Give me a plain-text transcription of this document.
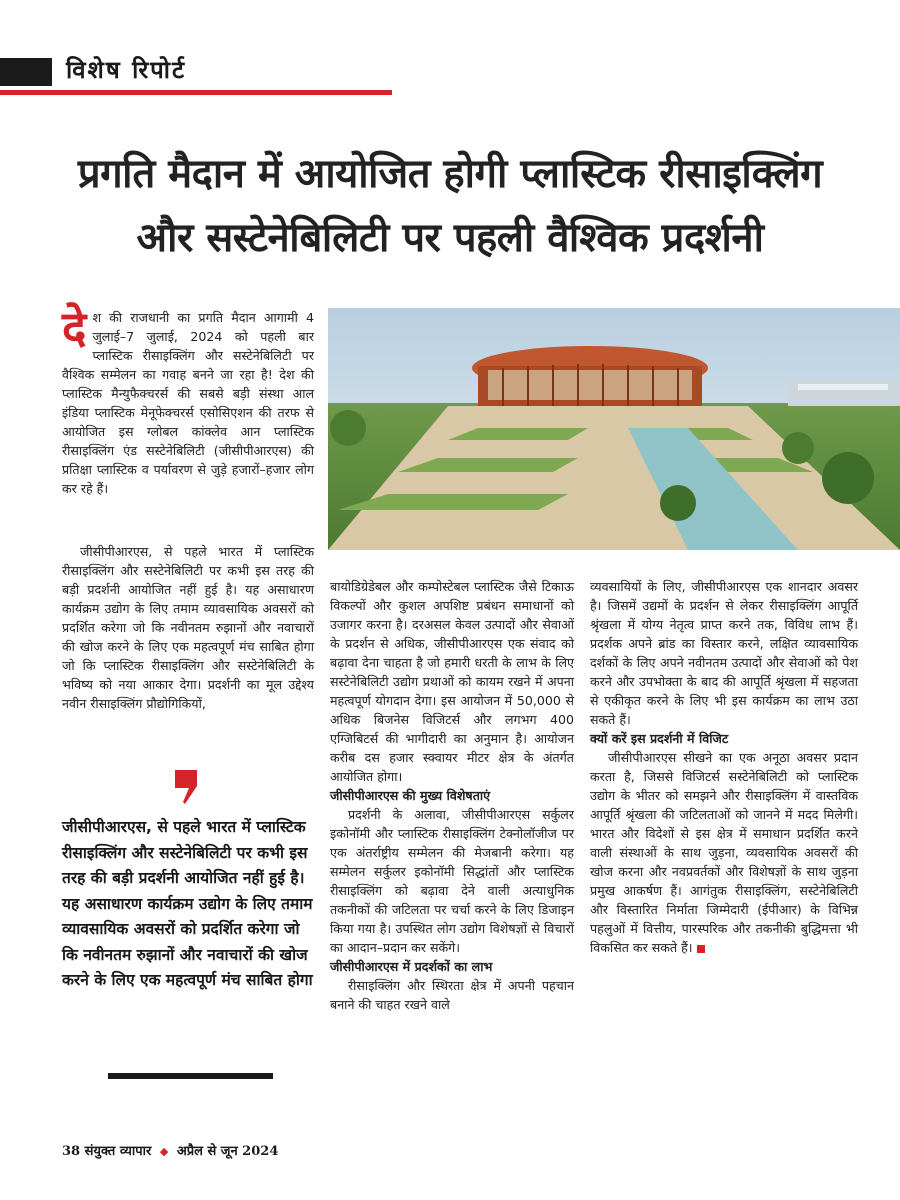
विशेष रिपोर्ट
प्रगति मैदान में आयोजित होगी प्लास्टिक रीसाइक्लिंग
और सस्टेनेबिलिटी पर पहली वैश्विक प्रदर्शनी

देश की राजधानी का प्रगति मैदान आगामी 4 जुलाई–7 जुलाई, 2024 को पहली बार प्लास्टिक रीसाइक्लिंग और सस्टेनेबिलिटी पर वैश्विक सम्मेलन का गवाह बनने जा रहा है! देश की प्लास्टिक मैन्युफैक्चरर्स की सबसे बड़ी संस्था आल इंडिया प्लास्टिक मेनूफेक्चरर्स एसोसिएशन की तरफ से आयोजित इस ग्लोबल कांक्लेव आन प्लास्टिक रीसाइक्लिंग एंड सस्टेनेबिलिटी (जीसीपीआरएस) की प्रतिक्षा प्लास्टिक व पर्यावरण से जुड़े हजारों–हजार लोग कर रहे हैं।

जीसीपीआरएस, से पहले भारत में प्लास्टिक रीसाइक्लिंग और सस्टेनेबिलिटी पर कभी इस तरह की बड़ी प्रदर्शनी आयोजित नहीं हुई है। यह असाधारण कार्यक्रम उद्योग के लिए तमाम व्यावसायिक अवसरों को प्रदर्शित करेगा जो कि नवीनतम रुझानों और नवाचारों की खोज करने के लिए एक महत्वपूर्ण मंच साबित होगा जो कि प्लास्टिक रीसाइक्लिंग और सस्टेनेबिलिटी के भविष्य को नया आकार देगा। प्रदर्शनी का मूल उद्देश्य नवीन रीसाइक्लिंग प्रौद्योगिकियों,

जीसीपीआरएस, से पहले भारत में प्लास्टिक रीसाइक्लिंग और सस्टेनेबिलिटी पर कभी इस तरह की बड़ी प्रदर्शनी आयोजित नहीं हुई है। यह असाधारण कार्यक्रम उद्योग के लिए तमाम व्यावसायिक अवसरों को प्रदर्शित करेगा जो कि नवीनतम रुझानों और नवाचारों की खोज करने के लिए एक महत्वपूर्ण मंच साबित होगा

बायोडिग्रेडेबल और कम्पोस्टेबल प्लास्टिक जैसे टिकाऊ विकल्पों और कुशल अपशिष्ट प्रबंधन समाधानों को उजागर करना है। दरअसल केवल उत्पादों और सेवाओं के प्रदर्शन से अधिक, जीसीपीआरएस एक संवाद को बढ़ावा देना चाहता है जो हमारी धरती के लाभ के लिए सस्टेनेबिलिटी उद्योग प्रथाओं को कायम रखने में अपना महत्वपूर्ण योगदान देगा। इस आयोजन में 50,000 से अधिक बिजनेस विजिटर्स और लगभग 400 एग्जिबिटर्स की भागीदारी का अनुमान है। आयोजन करीब दस हजार स्क्वायर मीटर क्षेत्र के अंतर्गत आयोजित होगा।

जीसीपीआरएस की मुख्य विशेषताएं

प्रदर्शनी के अलावा, जीसीपीआरएस सर्कुलर इकोनॉमी और प्लास्टिक रीसाइक्लिंग टेक्नोलॉजीज पर एक अंतर्राष्ट्रीय सम्मेलन की मेजबानी करेगा। यह सम्मेलन सर्कुलर इकोनॉमी सिद्धांतों और प्लास्टिक रीसाइक्लिंग को बढ़ावा देने वाली अत्याधुनिक तकनीकों की जटिलता पर चर्चा करने के लिए डिजाइन किया गया है। उपस्थित लोग उद्योग विशेषज्ञों से विचारों का आदान–प्रदान कर सकेंगे।

जीसीपीआरएस में प्रदर्शकों का लाभ

रीसाइक्लिंग और स्थिरता क्षेत्र में अपनी पहचान बनाने की चाहत रखने वाले

व्यवसायियों के लिए, जीसीपीआरएस एक शानदार अवसर है। जिसमें उद्यमों के प्रदर्शन से लेकर रीसाइक्लिंग आपूर्ति श्रृंखला में योग्य नेतृत्व प्राप्त करने तक, विविध लाभ हैं। प्रदर्शक अपने ब्रांड का विस्तार करने, लक्षित व्यावसायिक दर्शकों के लिए अपने नवीनतम उत्पादों और सेवाओं को पेश करने और उपभोक्ता के बाद की आपूर्ति श्रृंखला में सहजता से एकीकृत करने के लिए भी इस कार्यक्रम का लाभ उठा सकते हैं।

क्यों करें इस प्रदर्शनी में विजिट

जीसीपीआरएस सीखने का एक अनूठा अवसर प्रदान करता है, जिससे विजिटर्स सस्टेनेबिलिटी को प्लास्टिक उद्योग के भीतर को समझने और रीसाइक्लिंग में वास्तविक आपूर्ति श्रृंखला की जटिलताओं को जानने में मदद मिलेगी। भारत और विदेशों से इस क्षेत्र में समाधान प्रदर्शित करने वाली संस्थाओं के साथ जुड़ना, व्यवसायिक अवसरों की खोज करना और नवप्रवर्तकों और विशेषज्ञों के साथ जुड़ना प्रमुख आकर्षण हैं। आगंतुक रीसाइक्लिंग, सस्टेनेबिलिटी और विस्तारित निर्माता जिम्मेदारी (ईपीआर) के विभिन्न पहलुओं में वित्तीय, पारस्परिक और तकनीकी बुद्धिमत्ता भी विकसित कर सकते हैं।

38 संयुक्त व्यापार ◆ अप्रैल से जून 2024
